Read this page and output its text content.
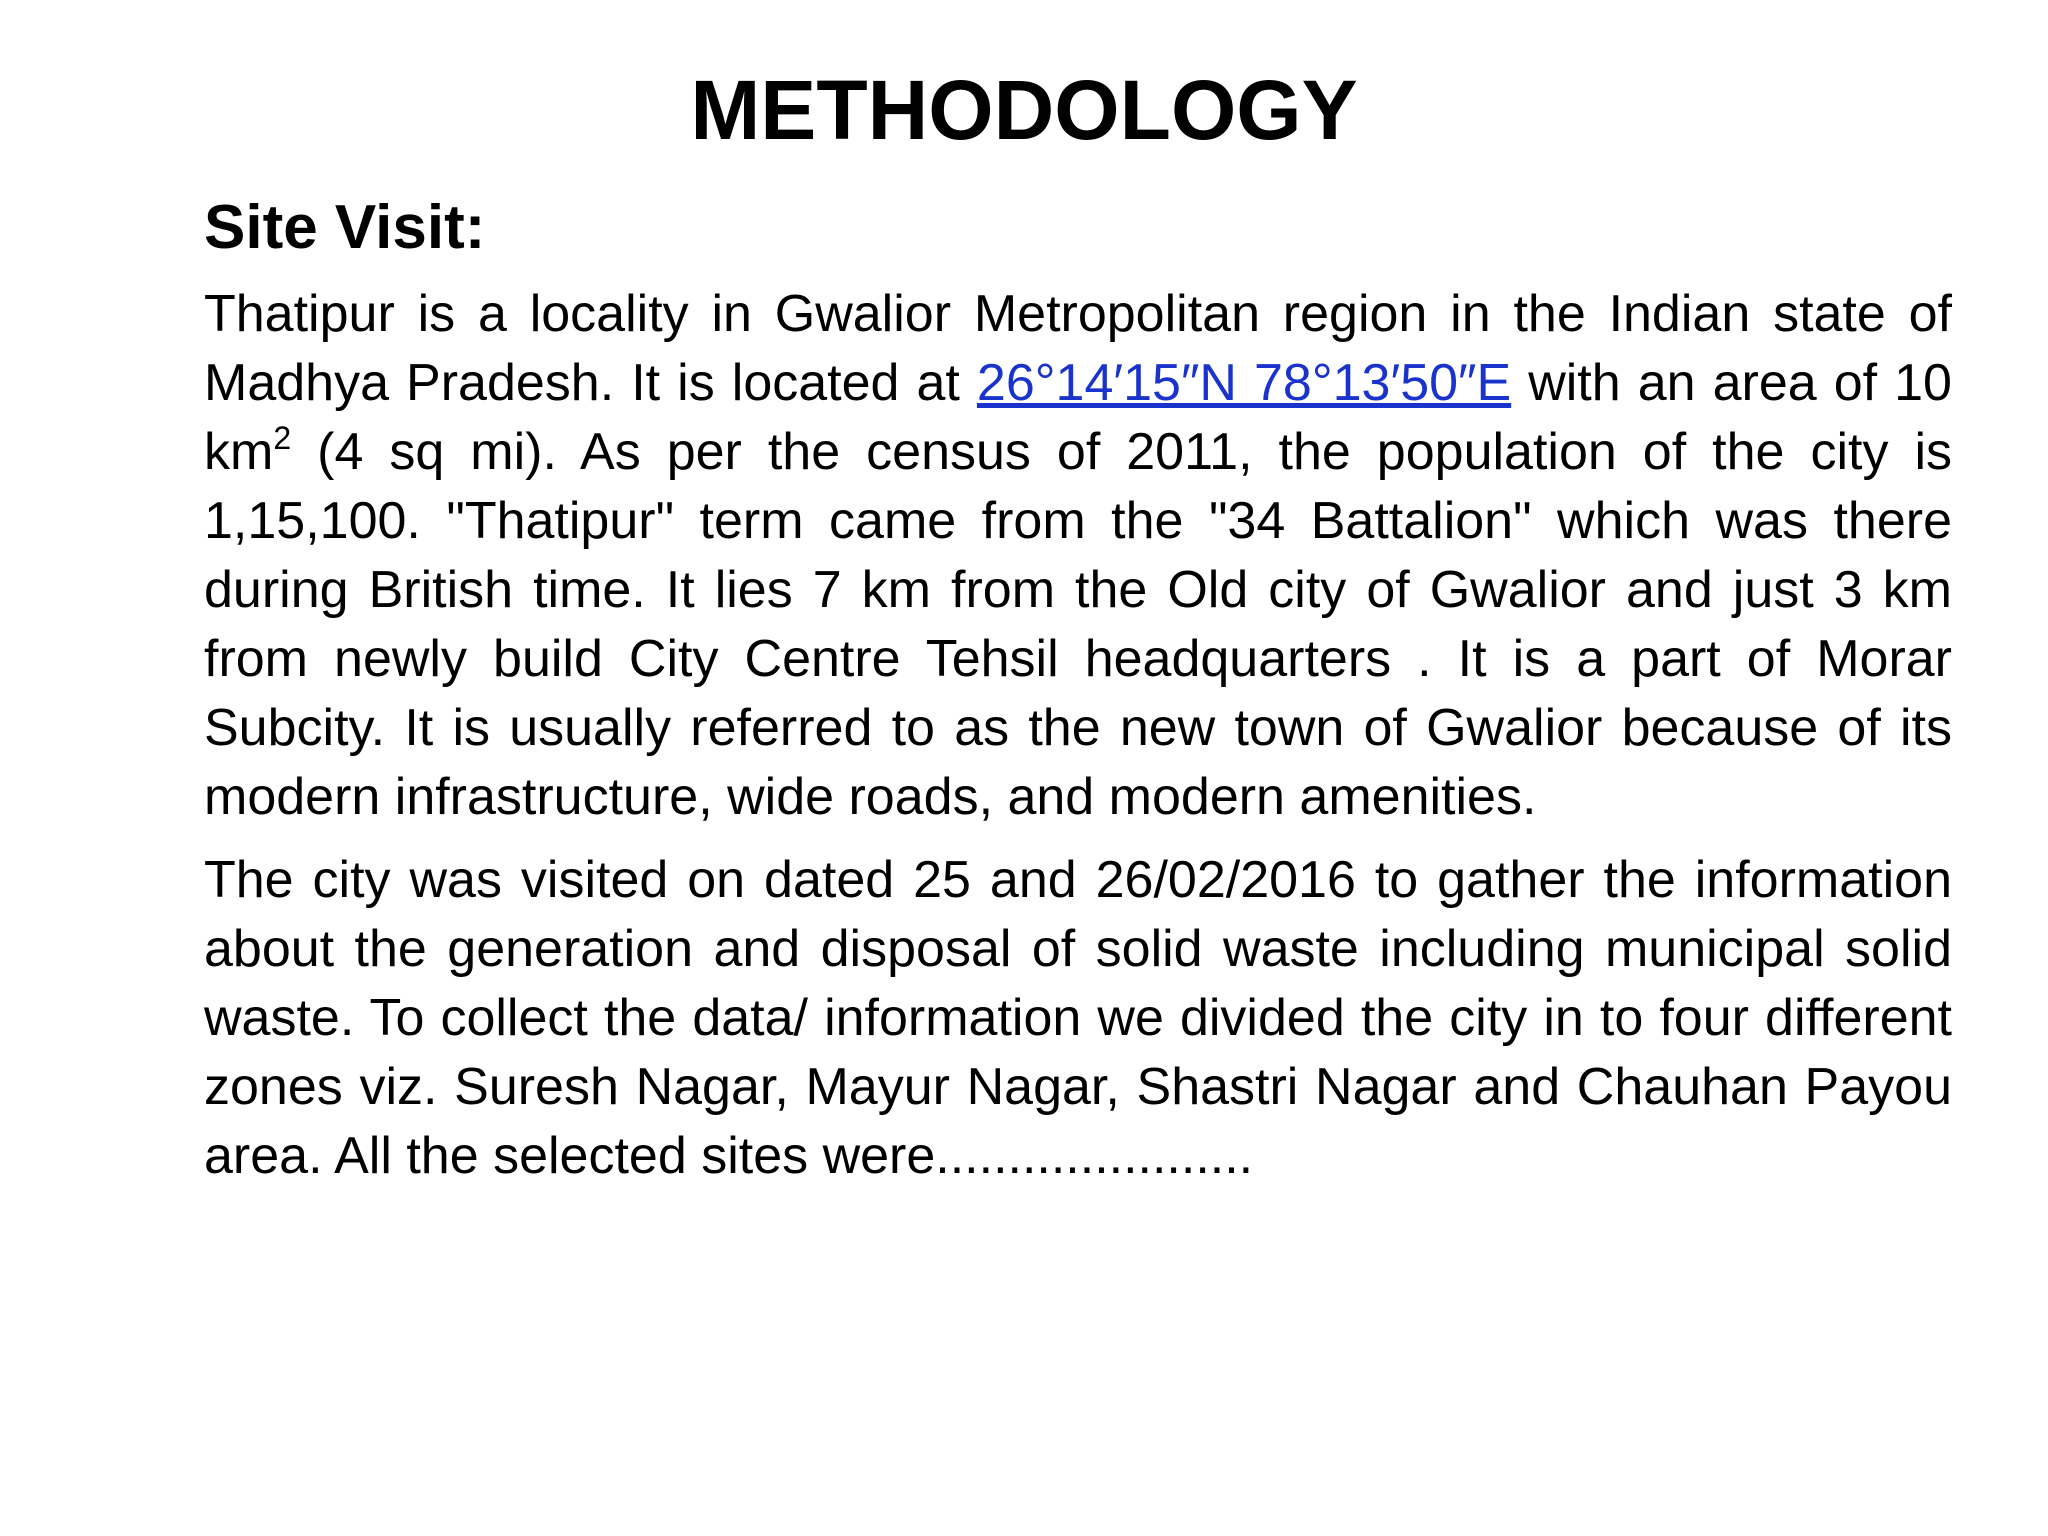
METHODOLOGY
Site Visit:

Thatipur is a locality in Gwalior Metropolitan region in the Indian state of Madhya Pradesh. It is located at 26°14′15″N 78°13′50″E with an area of 10 $km^2$ (4 sq mi). As per the census of 2011, the population of the city is 1,15,100. "Thatipur" term came from the "34 Battalion" which was there during British time. It lies 7 km from the Old city of Gwalior and just 3 km from newly build City Centre Tehsil headquarters . It is a part of Morar Subcity. It is usually referred to as the new town of Gwalior because of its modern infrastructure, wide roads, and modern amenities.

The city was visited on dated 25 and 26/02/2016 to gather the information about the generation and disposal of solid waste including municipal solid waste. To collect the data/ information we divided the city in to four different zones viz. Suresh Nagar, Mayur Nagar, Shastri Nagar and Chauhan Payou area. All the selected sites were......................
